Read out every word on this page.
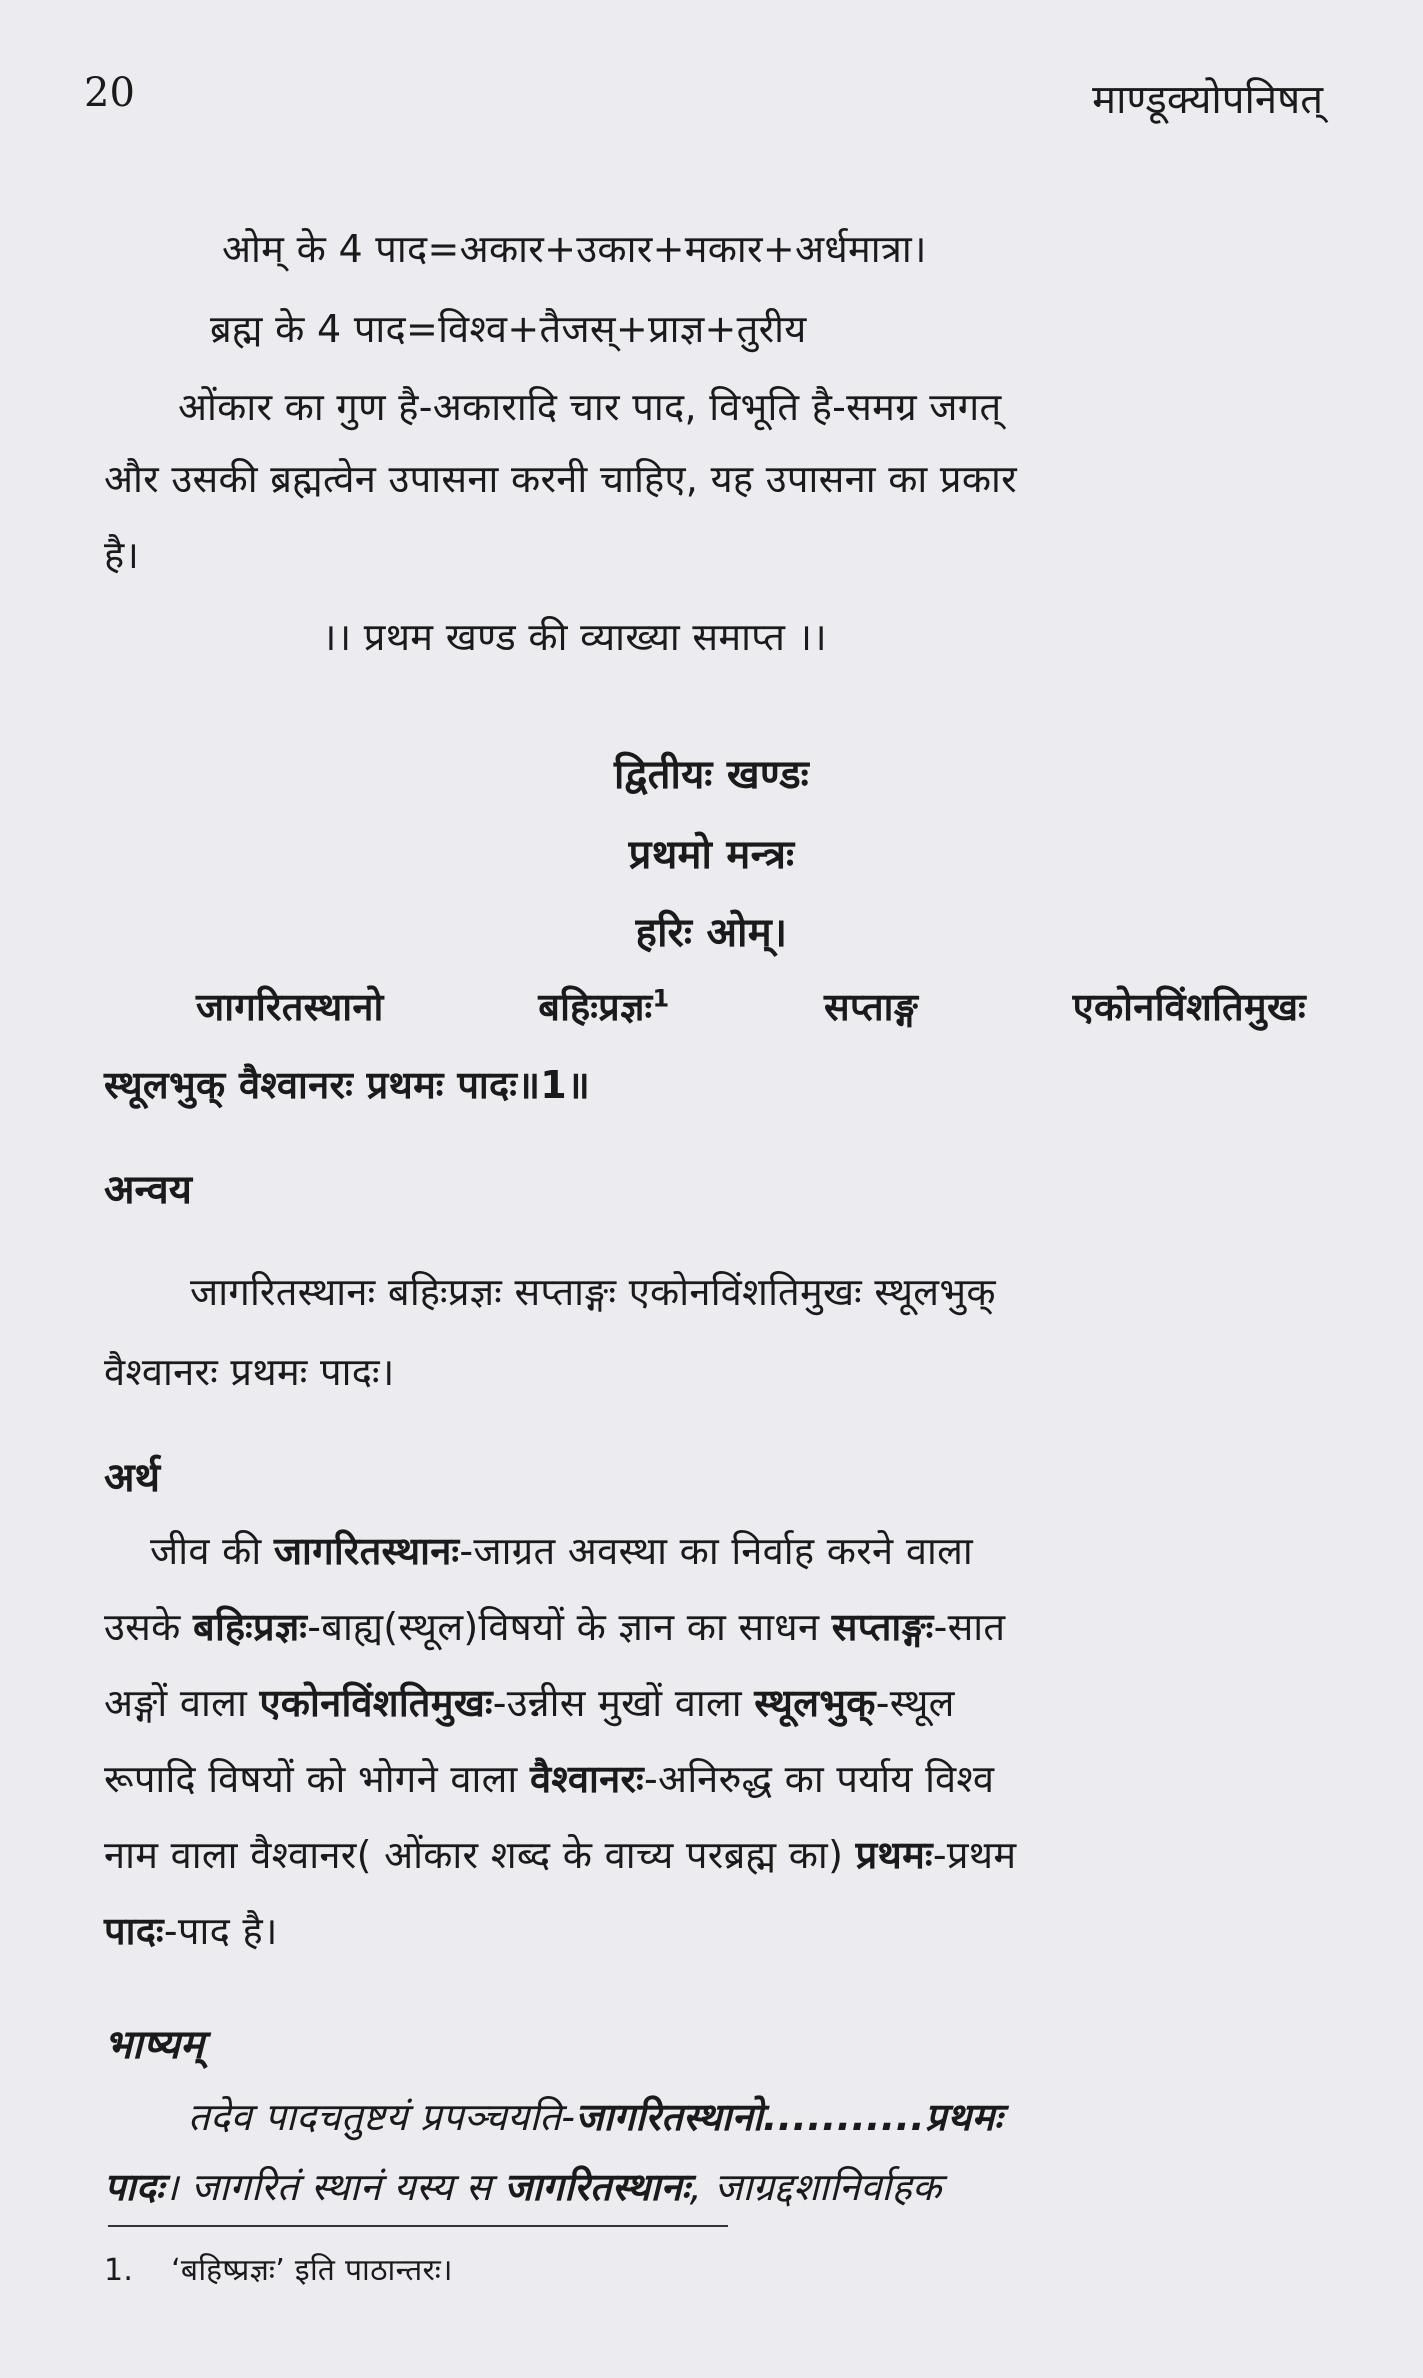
20	माण्डूक्योपनिषत्
ओम् के 4 पाद=अकार+उकार+मकार+अर्धमात्रा।
ब्रह्म के 4 पाद=विश्व+तैजस्+प्राज्ञ+तुरीय
ओंकार का गुण है-अकारादि चार पाद, विभूति है-समग्र जगत्
और उसकी ब्रह्मत्वेन उपासना करनी चाहिए, यह उपासना का प्रकार
है।
।। प्रथम खण्ड की व्याख्या समाप्त ।।
द्वितीयः खण्डः
प्रथमो मन्त्रः
हरिः ओम्।
जागरितस्थानो	बहिःप्रज्ञः$^1$	सप्ताङ्ग	एकोनविंशतिमुखः
स्थूलभुक् वैश्वानरः प्रथमः पादः॥1॥
अन्वय
जागरितस्थानः बहिःप्रज्ञः सप्ताङ्गः एकोनविंशतिमुखः स्थूलभुक्
वैश्वानरः प्रथमः पादः।
अर्थ
जीव की जागरितस्थानः-जाग्रत अवस्था का निर्वाह करने वाला
उसके बहिःप्रज्ञः-बाह्य(स्थूल)विषयों के ज्ञान का साधन सप्ताङ्गः-सात
अङ्गों वाला एकोनविंशतिमुखः-उन्नीस मुखों वाला स्थूलभुक्-स्थूल
रूपादि विषयों को भोगने वाला वैश्वानरः-अनिरुद्ध का पर्याय विश्व
नाम वाला वैश्वानर( ओंकार शब्द के वाच्य परब्रह्म का) प्रथमः-प्रथम
पादः-पाद है।
भाष्यम्
तदेव पादचतुष्टयं प्रपञ्चयति-जागरितस्थानो...........प्रथमः
पादः। जागरितं स्थानं यस्य स जागरितस्थानः, जाग्रद्दशानिर्वाहक
1. ‘बहिष्प्रज्ञः’ इति पाठान्तरः।
